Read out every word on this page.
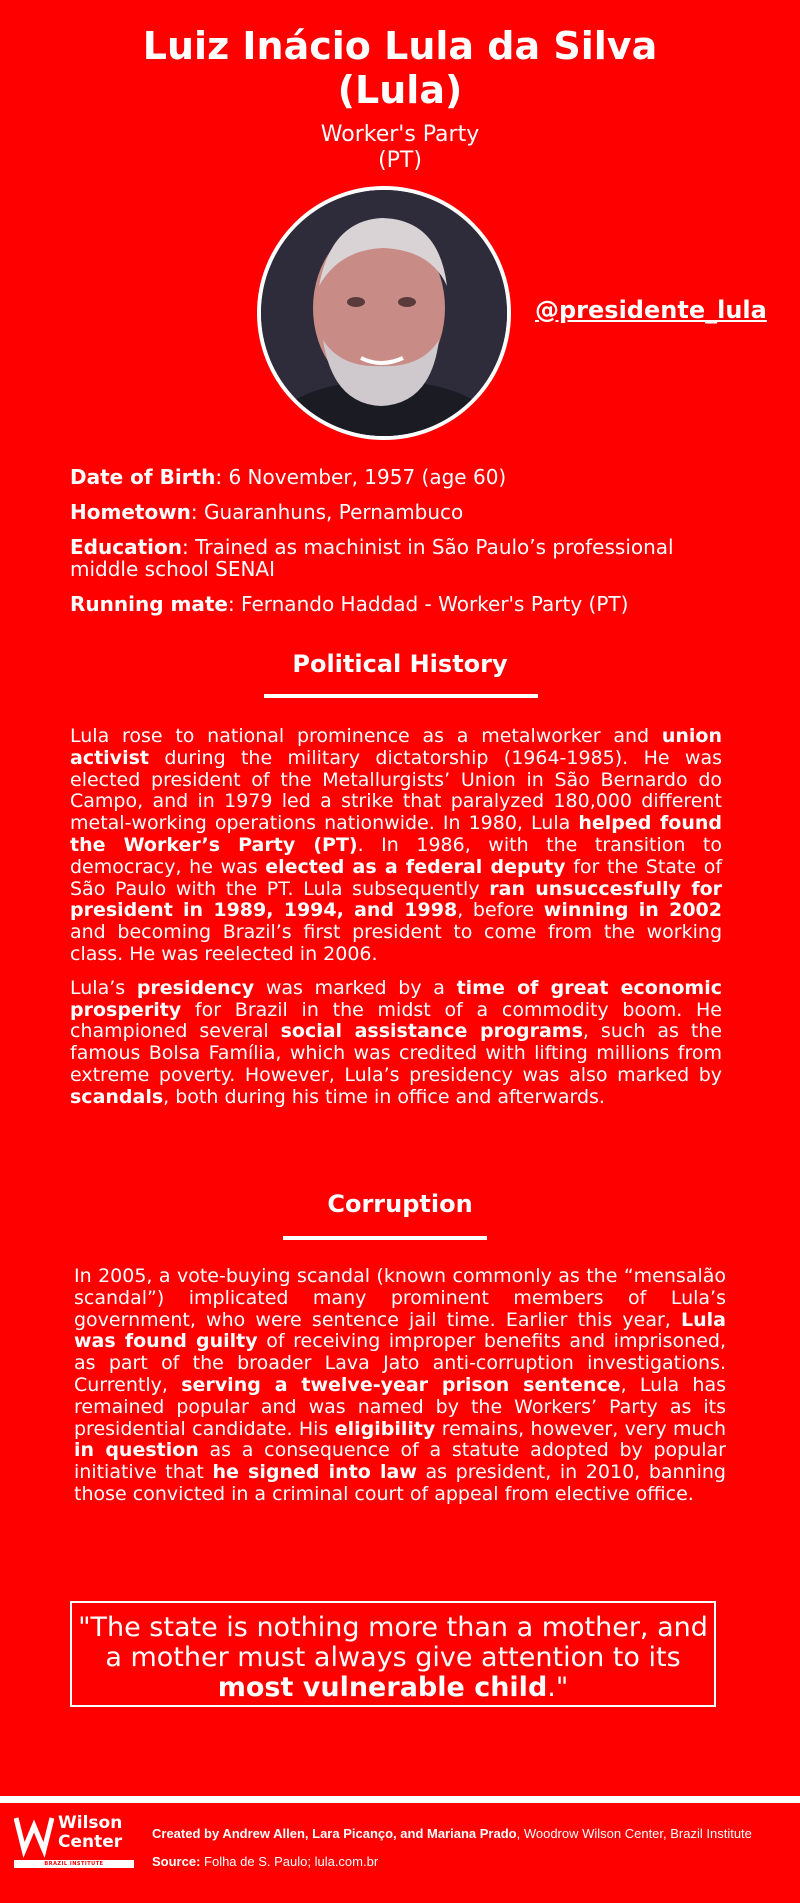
Luiz Inácio Lula da Silva
(Lula)
Worker's Party
(PT)
@presidente_lula
Date of Birth: 6 November, 1957 (age 60)
Hometown: Guaranhuns, Pernambuco
Education: Trained as machinist in São Paulo’s professional middle school SENAI
Running mate: Fernando Haddad - Worker's Party (PT)
Political History

Lula rose to national prominence as a metalworker and union activist during the military dictatorship (1964-1985). He was elected president of the Metallurgists’ Union in São Bernardo do Campo, and in 1979 led a strike that paralyzed 180,000 different metal-working operations nationwide. In 1980, Lula helped found the Worker’s Party (PT). In 1986, with the transition to democracy, he was elected as a federal deputy for the State of São Paulo with the PT. Lula subsequently ran unsuccesfully for president in 1989, 1994, and 1998, before winning in 2002 and becoming Brazil’s first president to come from the working class. He was reelected in 2006.

Lula’s presidency was marked by a time of great economic prosperity for Brazil in the midst of a commodity boom. He championed several social assistance programs, such as the famous Bolsa Família, which was credited with lifting millions from extreme poverty. However, Lula’s presidency was also marked by scandals, both during his time in office and afterwards.

Corruption

In 2005, a vote-buying scandal (known commonly as the “mensalão scandal”) implicated many prominent members of Lula’s government, who were sentence jail time. Earlier this year, Lula was found guilty of receiving improper benefits and imprisoned, as part of the broader Lava Jato anti-corruption investigations. Currently, serving a twelve-year prison sentence, Lula has remained popular and was named by the Workers’ Party as its presidential candidate. His eligibility remains, however, very much in question as a consequence of a statute adopted by popular initiative that he signed into law as president, in 2010, banning those convicted in a criminal court of appeal from elective office.

"The state is nothing more than a mother, and a mother must always give attention to its most vulnerable child."
Wilson
Center
BRAZIL INSTITUTE
Created by Andrew Allen, Lara Picanço, and Mariana Prado, Woodrow Wilson Center, Brazil Institute
Source: Folha de S. Paulo; lula.com.br
